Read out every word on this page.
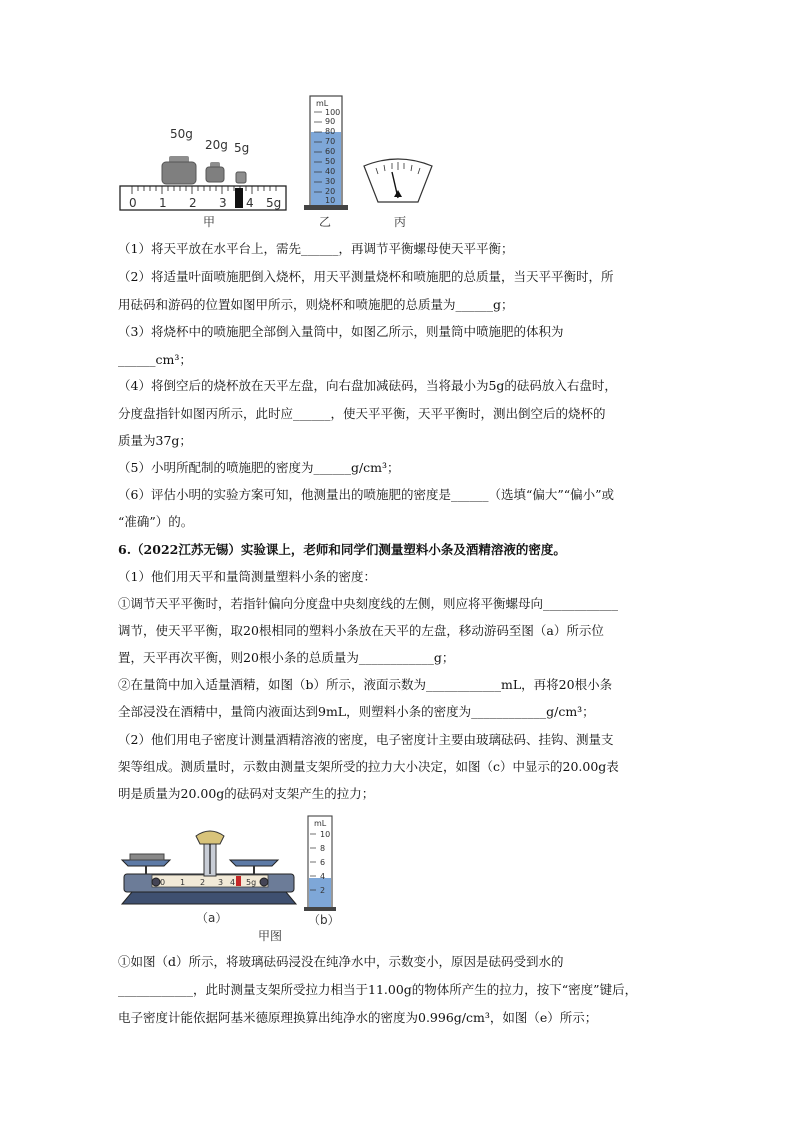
50g
20g 5g
0 1 2 3 4 5g
mL
100
90
80
70
60
50
40
30
20
10
甲	乙	丙
（1）将天平放在水平台上，需先______，再调节平衡螺母使天平平衡；
（2）将适量叶面喷施肥倒入烧杯，用天平测量烧杯和喷施肥的总质量，当天平平衡时，所
用砝码和游码的位置如图甲所示，则烧杯和喷施肥的总质量为______g；
（3）将烧杯中的喷施肥全部倒入量筒中，如图乙所示，则量筒中喷施肥的体积为
______cm³；
（4）将倒空后的烧杯放在天平左盘，向右盘加减砝码，当将最小为5g的砝码放入右盘时，
分度盘指针如图丙所示，此时应______，使天平平衡，天平平衡时，测出倒空后的烧杯的
质量为37g；
（5）小明所配制的喷施肥的密度为______g/cm³；
（6）评估小明的实验方案可知，他测量出的喷施肥的密度是______（选填“偏大”“偏小”或
“准确”）的。
6.（2022江苏无锡）实验课上，老师和同学们测量塑料小条及酒精溶液的密度。
（1）他们用天平和量筒测量塑料小条的密度：
①调节天平平衡时，若指针偏向分度盘中央刻度线的左侧，则应将平衡螺母向____________
调节，使天平平衡，取20根相同的塑料小条放在天平的左盘，移动游码至图（a）所示位
置，天平再次平衡，则20根小条的总质量为____________g；
②在量筒中加入适量酒精，如图（b）所示，液面示数为____________mL，再将20根小条
全部浸没在酒精中，量筒内液面达到9mL，则塑料小条的密度为____________g/cm³；
（2）他们用电子密度计测量酒精溶液的密度，电子密度计主要由玻璃砝码、挂钩、测量支
架等组成。测质量时，示数由测量支架所受的拉力大小决定，如图（c）中显示的20.00g表
明是质量为20.00g的砝码对支架产生的拉力；
0 1 2 3 4 5g
mL
10
8
6
4
2
（a）	（b）
甲图
①如图（d）所示，将玻璃砝码浸没在纯净水中，示数变小，原因是砝码受到水的
____________，此时测量支架所受拉力相当于11.00g的物体所产生的拉力，按下“密度”键后，
电子密度计能依据阿基米德原理换算出纯净水的密度为0.996g/cm³，如图（e）所示；
